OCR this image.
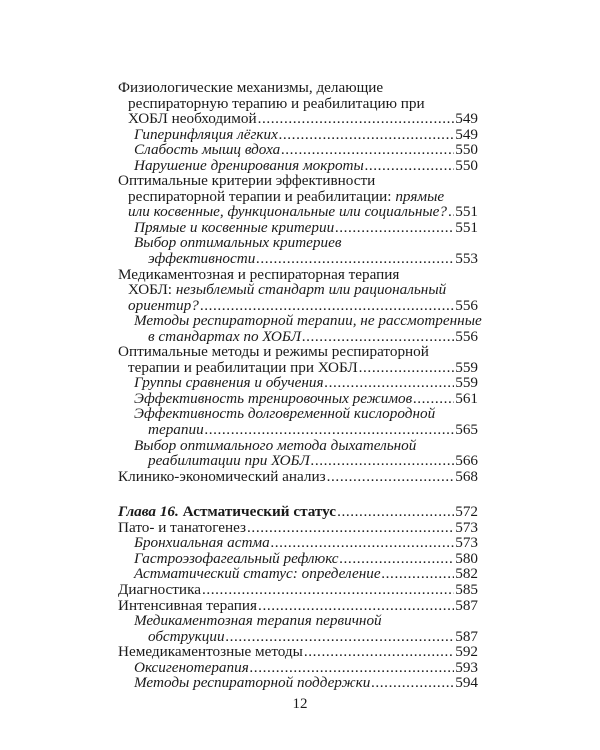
Физиологические механизмы, делающие
респираторную терапию и реабилитацию при
ХОБЛ необходимой .....	549
Гиперинфляция лёгких .....	549
Слабость мышц вдоха .....	550
Нарушение дренирования мокроты .....	550
Оптимальные критерии эффективности
респираторной терапии и реабилитации:
прямые
или косвенные, функциональные или социальные? ..... 551
Прямые и косвенные критерии .....	551
Выбор оптимальных критериев
эффективности .....	553
Медикаментозная и респираторная терапия
ХОБЛ:
незыблемый стандарт или рациональный
ориентир? .....	556
Методы респираторной терапии, не рассмотренные
в стандартах по ХОБЛ .....	556
Оптимальные методы и режимы респираторной
терапии и реабилитации при ХОБЛ .....	559
Группы сравнения и обучения .....	559
Эффективность тренировочных режимов .....	561
Эффективность долговременной кислородной
терапии .....	565
Выбор оптимального метода дыхательной
реабилитации при ХОБЛ .....	566
Клинико-экономический анализ .....	568
Глава 16.
Астматический статус .....	572
Пато- и танатогенез .....	573
Бронхиальная астма .....	573
Гастроэзофагеальный рефлюкс .....	580
Астматический статус: определение .....	582
Диагностика .....	585
Интенсивная терапия .....	587
Медикаментозная терапия первичной
обструкции .....	587
Немедикаментозные методы .....	592
Оксигенотерапия .....	593
Методы респираторной поддержки .....	594
12
